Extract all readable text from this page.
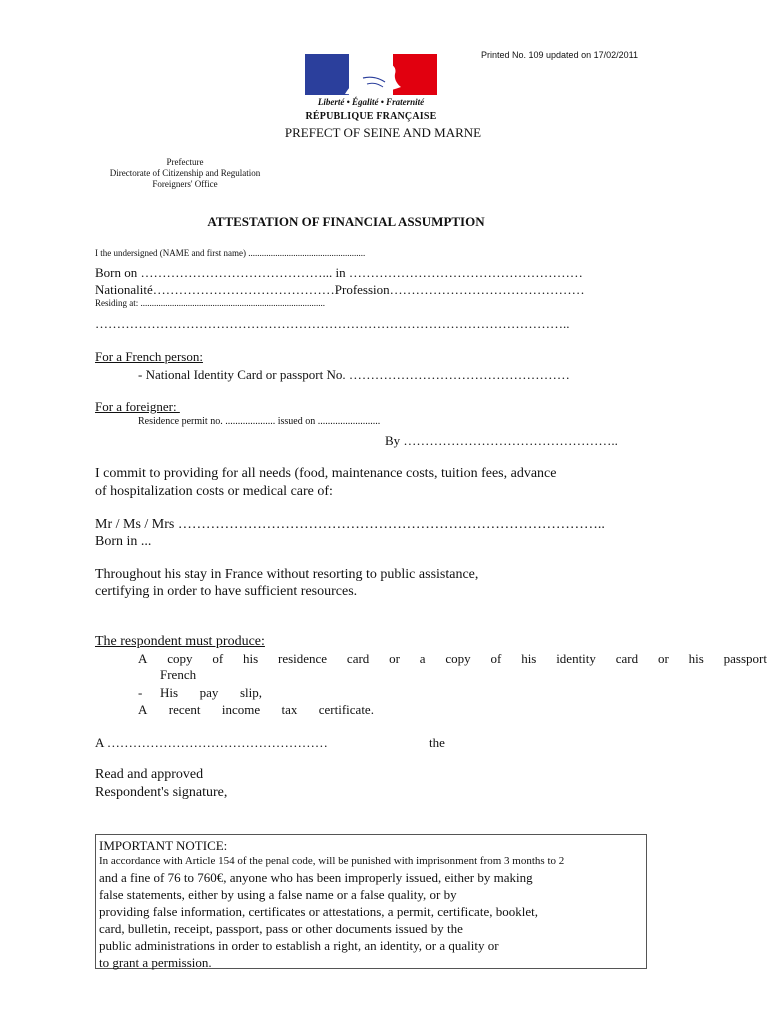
Printed No. 109 updated on 17/02/2011
Liberté • Égalité • Fraternité
RÉPUBLIQUE FRANÇAISE
PREFECT OF SEINE AND MARNE
Prefecture
Directorate of Citizenship and Regulation
Foreigners' Office
ATTESTATION OF FINANCIAL ASSUMPTION
I the undersigned (NAME and first name) ....................................................
Born on ……………………………………... in ………………………………………………
Nationalité……………………………………Profession………………………………………
Residing at: ..................................................................................
………………………………………………………………………………………………..
For a French person:
- National Identity Card or passport No. ……………………………………………
For a foreigner:
Residence permit no. .................... issued on .........................
By …………………………………………..
I commit to providing for all needs (food, maintenance costs, tuition fees, advance
of hospitalization costs or medical care of:
Mr / Ms / Mrs ………………………………………………………………………………..
Born in ...
Throughout his stay in France without resorting to public assistance,
certifying in order to have sufficient resources.
The respondent must produce:
A copy of his residence card or a copy of his identity card or his passport
French
- His pay slip,
A recent income tax certificate.
A ……………………………………………	the
Read and approved
Respondent's signature,
IMPORTANT NOTICE:
In accordance with Article 154 of the penal code, will be punished with imprisonment from 3 months to 2
and a fine of 76 to 760€, anyone who has been improperly issued, either by making
false statements, either by using a false name or a false quality, or by
providing false information, certificates or attestations, a permit, certificate, booklet,
card, bulletin, receipt, passport, pass or other documents issued by the
public administrations in order to establish a right, an identity, or a quality or
to grant a permission.
